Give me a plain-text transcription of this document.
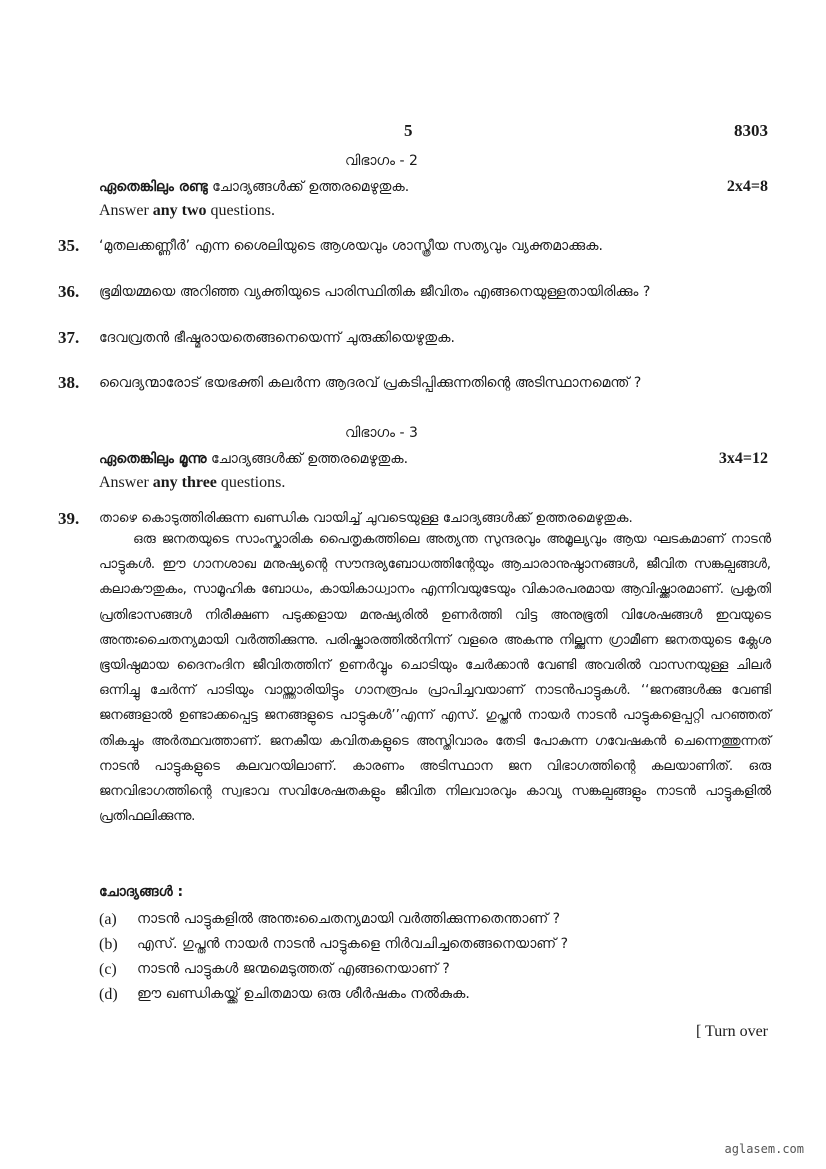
5	8303
വിഭാഗം - 2
ഏതെങ്കിലും രണ്ടു ചോദ്യങ്ങൾക്ക് ഉത്തരമെഴുതുക.	2x4=8
Answer any two questions.
35. ‘മുതലക്കണ്ണീർ’ എന്ന ശൈലിയുടെ ആശയവും ശാസ്ത്രീയ സത്യവും വ്യക്തമാക്കുക.
36. ഭൂമിയമ്മയെ അറിഞ്ഞ വ്യക്തിയുടെ പാരിസ്ഥിതിക ജീവിതം എങ്ങനെയുള്ളതായിരിക്കും ?
37. ദേവവ്രതൻ ഭീഷ്മരായതെങ്ങനെയെന്ന് ചുരുക്കിയെഴുതുക.
38. വൈദ്യന്മാരോട് ഭയഭക്തി കലർന്ന ആദരവ് പ്രകടിപ്പിക്കുന്നതിന്റെ അടിസ്ഥാനമെന്ത് ?
വിഭാഗം - 3
ഏതെങ്കിലും മൂന്നു ചോദ്യങ്ങൾക്ക് ഉത്തരമെഴുതുക.	3x4=12
Answer any three questions.
39. താഴെ കൊടുത്തിരിക്കുന്ന ഖണ്ഡിക വായിച്ച് ചുവടെയുള്ള ചോദ്യങ്ങൾക്ക് ഉത്തരമെഴുതുക.
ഒരു ജനതയുടെ സാംസ്കാരിക പൈതൃകത്തിലെ അത്യന്ത സുന്ദരവും അമൂല്യവും ആയ ഘടകമാണ് നാടൻ പാട്ടുകൾ. ഈ ഗാനശാഖ മനുഷ്യന്റെ സൗന്ദര്യബോധത്തിന്റേയും ആചാരാനുഷ്ഠാനങ്ങൾ, ജീവിത സങ്കല്പങ്ങൾ, കലാകൗതുകം, സാമൂഹിക ബോധം, കായികാധ്വാനം എന്നിവയുടേയും വികാരപരമായ ആവിഷ്ക്കാരമാണ്. പ്രകൃതി പ്രതിഭാസങ്ങൾ നിരീക്ഷണ പടുക്കളായ മനുഷ്യരിൽ ഉണർത്തി വിട്ട അനുഭൂതി വിശേഷങ്ങൾ ഇവയുടെ അന്തഃചൈതന്യമായി വർത്തിക്കുന്നു. പരിഷ്കാരത്തിൽനിന്ന് വളരെ അകന്നു നില്ക്കുന്ന ഗ്രാമീണ ജനതയുടെ ക്ലേശ ഭൂയിഷ്ഠമായ ദൈനംദിന ജീവിതത്തിന് ഉണർവ്വും ചൊടിയും ചേർക്കാൻ വേണ്ടി അവരിൽ വാസനയുള്ള ചിലർ ഒന്നിച്ചു ചേർന്ന് പാടിയും വായ്ത്താരിയിട്ടും ഗാനരൂപം പ്രാപിച്ചവയാണ് നാടൻപാട്ടുകൾ. ‘‘ജനങ്ങൾക്കു വേണ്ടി ജനങ്ങളാൽ ഉണ്ടാക്കപ്പെട്ട ജനങ്ങളുടെ പാട്ടുകൾ’’എന്ന് എസ്. ഗുപ്തൻ നായർ നാടൻ പാട്ടുകളെപ്പറ്റി പറഞ്ഞത് തികച്ചും അർത്ഥവത്താണ്. ജനകീയ കവിതകളുടെ അസ്തിവാരം തേടി പോകുന്ന ഗവേഷകൻ ചെന്നെത്തുന്നത് നാടൻ പാട്ടുകളുടെ കലവറയിലാണ്. കാരണം അടിസ്ഥാന ജന വിഭാഗത്തിന്റെ കലയാണിത്. ഒരു ജനവിഭാഗത്തിന്റെ സ്വഭാവ സവിശേഷതകളും ജീവിത നിലവാരവും കാവ്യ സങ്കല്പങ്ങളും നാടൻ പാട്ടുകളിൽ പ്രതിഫലിക്കുന്നു.
ചോദ്യങ്ങൾ :
(a) നാടൻ പാട്ടുകളിൽ അന്തഃചൈതന്യമായി വർത്തിക്കുന്നതെന്താണ് ?
(b) എസ്. ഗുപ്തൻ നായർ നാടൻ പാട്ടുകളെ നിർവചിച്ചതെങ്ങനെയാണ് ?
(c) നാടൻ പാട്ടുകൾ ജന്മമെടുത്തത് എങ്ങനെയാണ് ?
(d) ഈ ഖണ്ഡികയ്ക്ക് ഉചിതമായ ഒരു ശീർഷകം നൽകുക.
[ Turn over
aglasem.com
